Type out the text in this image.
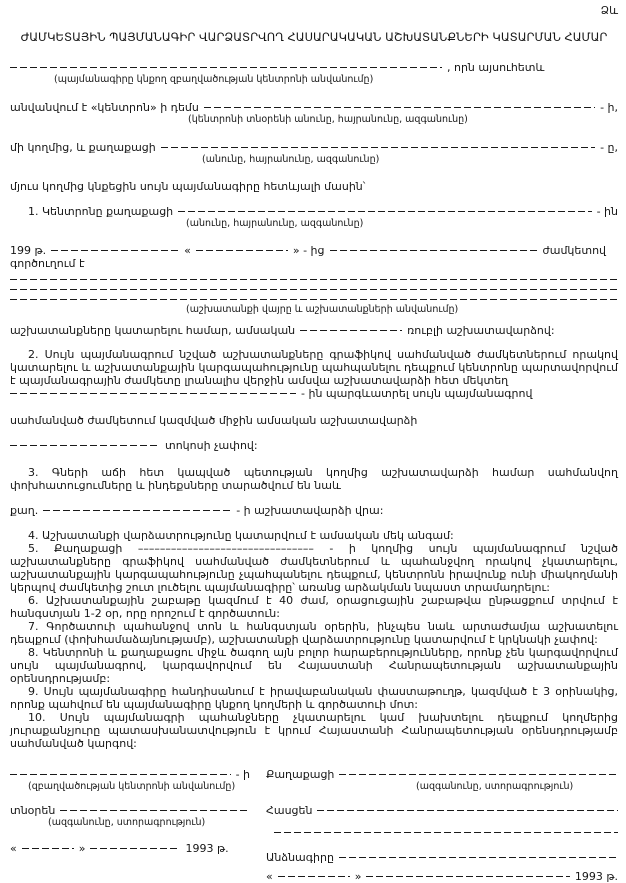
Ձև
ԺԱՄԿԵՏԱՅԻՆ ՊԱՅՄԱՆԱԳԻՐ ՎԱՐՁԱՏՐՎՈՂ ՀԱՍԱՐԱԿԱԿԱՆ ԱՇԽԱՏԱՆՔՆԵՐԻ ԿԱՏԱՐՄԱՆ ՀԱՄԱՐ
, որն այսուհետև
(պայմանագիրը կնքող զբաղվածության կենտրոնի անվանումը)
անվանվում է «կենտրոն» ի դեմս	- ի,
(կենտրոնի տնօրենի անունը, հայրանունը, ազգանունը)
մի կողմից, և քաղաքացի	- ը,
(անունը, հայրանունը, ազգանունը)

մյուս կողմից կնքեցին սույն պայմանագիրը հետևյալի մասին՝

1. Կենտրոնը քաղաքացի	- ին
(անունը, հայրանունը, ազգանունը)
199 թ.	«	» - ից	ժամկետով

գործուղում է

(աշխատանքի վայրը և աշխատանքների անվանումը)
աշխատանքները կատարելու համար, ամսական	ռուբլի աշխատավարձով:

2. Սույն պայմանագրում նշված աշխատանքները գրաֆիկով սահմանված ժամկետներում որակով կատարելու և աշխատանքային կարգապահությունը պահպանելու դեպքում կենտրոնը պարտավորվում է պայմանագրային ժամկետը լրանալիս վերջին ամսվա աշխատավարձի հետ մեկտեղ

- ին պարգևատրել սույն պայմանագրով

սահմանված ժամկետում կազմված միջին ամսական աշխատավարձի

տոկոսի չափով:

3. Գների աճի հետ կապված պետության կողմից աշխատավարձի համար սահմանվող փոխհատուցումները և ինդեքսները տարածվում են նաև

քաղ.	- ի աշխատավարձի վրա:

4. Աշխատանքի վարձատրությունը կատարվում է ամսական մեկ անգամ:

5. Քաղաքացի –––––––––––––––––––––––––––––––– - ի կողմից սույն պայմանագրում նշված աշխատանքները գրաֆիկով սահմանված ժամկետներում և պահանջվող որակով չկատարելու, աշխատանքային կարգապահությունը չպահպանելու դեպքում, կենտրոնն իրավունք ունի միակողմանի կերպով ժամկետից շուտ լուծելու պայմանագիրը՝ առանց արձակման նպաստ տրամադրելու:

6. Աշխատանքային շաբաթը կազմում է 40 ժամ, օրացուցային շաբաթվա ընթացքում տրվում է հանգստյան 1-2 օր, որը որոշում է գործատուն:

7. Գործատուի պահանջով տոն և հանգստյան օրերին, ինչպես նաև արտաժամյա աշխատելու դեպքում (փոխհամաձայնությամբ), աշխատանքի վարձատրությունը կատարվում է կրկնակի չափով:

8. Կենտրոնի և քաղաքացու միջև ծագող այն բոլոր հարաբերությունները, որոնք չեն կարգավորվում սույն պայմանագրով, կարգավորվում են Հայաստանի Հանրապետության աշխատանքային օրենսդրությամբ:

9. Սույն պայմանագիրը հանդիսանում է իրավաբանական փաստաթուղթ, կազմված է 3 օրինակից, որոնք պահվում են պայմանագիրը կնքող կողմերի և գործատուի մոտ:

10. Սույն պայմանագրի պահանջները չկատարելու կամ խախտելու դեպքում կողմերից յուրաքանչյուրը պատասխանատվություն է կրում Հայաստանի Հանրապետության օրենսդրությամբ սահմանված կարգով:

- ի
(զբաղվածության կենտրոնի անվանումը)
տնօրեն
(ազգանունը, ստորագրություն)
«	»	1993 թ.
Քաղաքացի
(ազգանունը, ստորագրություն)
Հասցեն
Անձնագիրը
«	»	1993 թ.
